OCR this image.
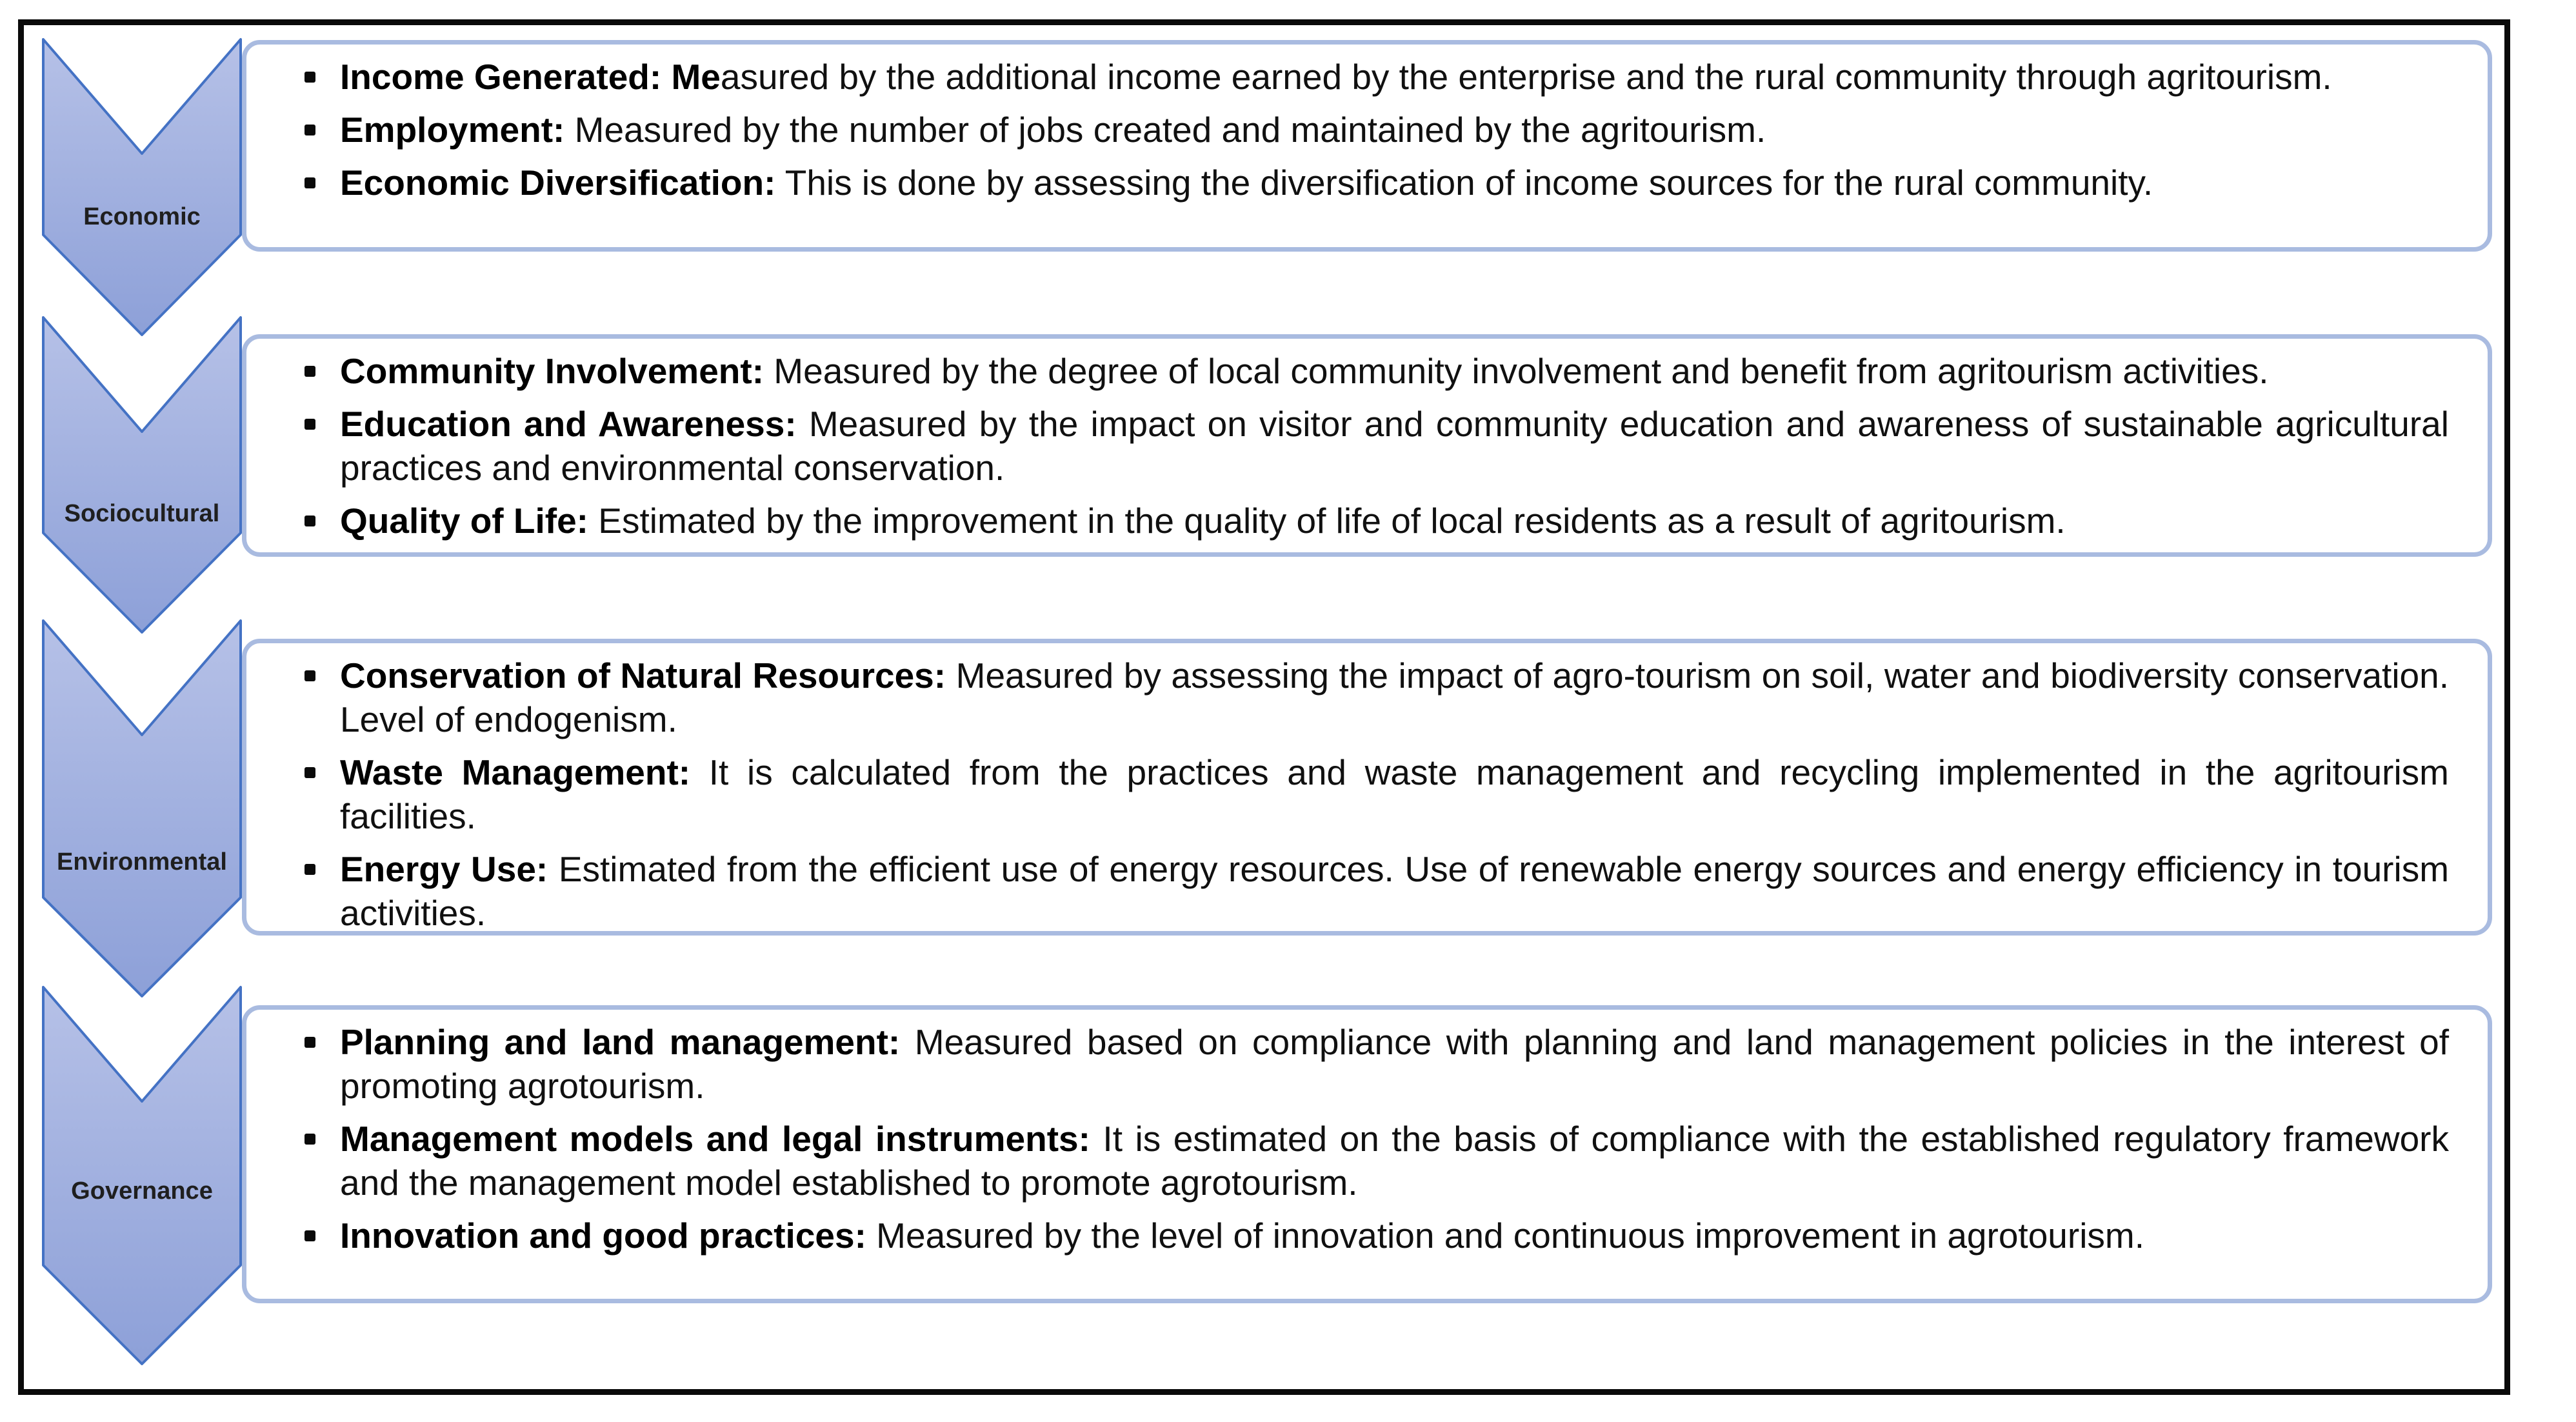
Economic
Sociocultural
Environmental
Governance

Income Generated: Measured by the additional income earned by the enterprise and the rural community through agritourism.

Employment: Measured by the number of jobs created and maintained by the agritourism.

Economic Diversification: This is done by assessing the diversification of income sources for the rural community.

Community Involvement: Measured by the degree of local community involvement and benefit from agritourism activities.

Education and Awareness: Measured by the impact on visitor and community education and awareness of sustainable agricultural practices and environmental conservation.

Quality of Life: Estimated by the improvement in the quality of life of local residents as a result of agritourism.

Conservation of Natural Resources: Measured by assessing the impact of agro-tourism on soil, water and biodiversity conservation. Level of endogenism.

Waste Management: It is calculated from the practices and waste management and recycling implemented in the agritourism facilities.

Energy Use: Estimated from the efficient use of energy resources. Use of renewable energy sources and energy efficiency in tourism activities.

Planning and land management: Measured based on compliance with planning and land management policies in the interest of promoting agrotourism.

Management models and legal instruments: It is estimated on the basis of compliance with the established regulatory framework and the management model established to promote agrotourism.

Innovation and good practices: Measured by the level of innovation and continuous improvement in agrotourism.
